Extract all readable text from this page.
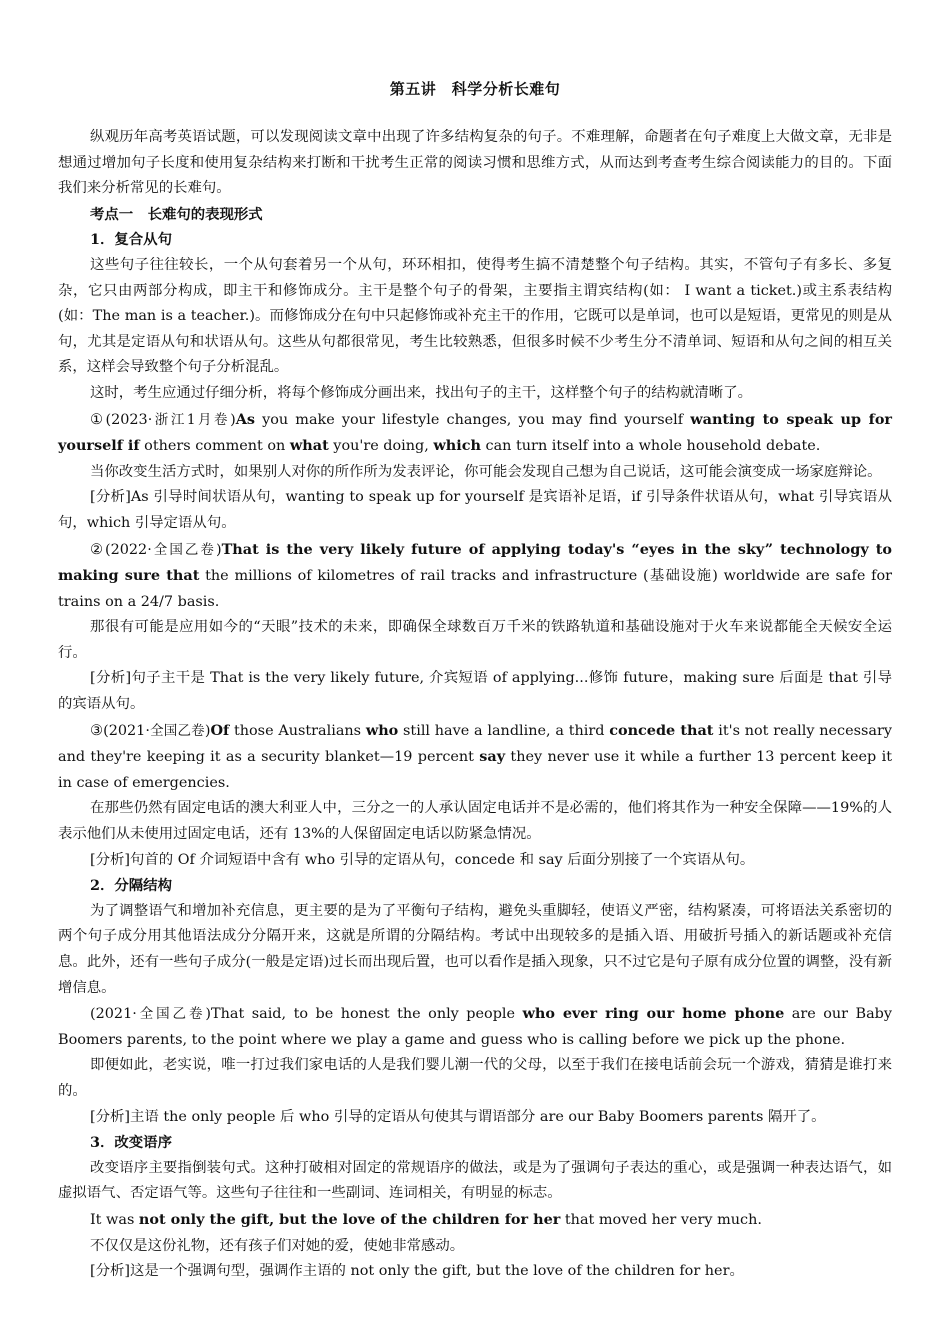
第五讲　科学分析长难句

纵观历年高考英语试题，可以发现阅读文章中出现了许多结构复杂的句子。不难理解，命题者在句子难度上大做文章，无非是想通过增加句子长度和使用复杂结构来打断和干扰考生正常的阅读习惯和思维方式，从而达到考查考生综合阅读能力的目的。下面我们来分析常见的长难句。

考点一　长难句的表现形式

1．复合从句

这些句子往往较长，一个从句套着另一个从句，环环相扣，使得考生搞不清楚整个句子结构。其实，不管句子有多长、多复杂，它只由两部分构成，即主干和修饰成分。主干是整个句子的骨架，主要指主谓宾结构(如： I want a ticket.)或主系表结构(如：The man is a teacher.)。而修饰成分在句中只起修饰或补充主干的作用，它既可以是单词，也可以是短语，更常见的则是从句，尤其是定语从句和状语从句。这些从句都很常见，考生比较熟悉，但很多时候不少考生分不清单词、短语和从句之间的相互关系，这样会导致整个句子分析混乱。

这时，考生应通过仔细分析，将每个修饰成分画出来，找出句子的主干，这样整个句子的结构就清晰了。

①(2023·浙江1月卷)As you make your lifestyle changes, you may find yourself wanting to speak up for yourself if others comment on what you're doing, which can turn itself into a whole household debate.

当你改变生活方式时，如果别人对你的所作所为发表评论，你可能会发现自己想为自己说话，这可能会演变成一场家庭辩论。

[分析]As 引导时间状语从句，wanting to speak up for yourself 是宾语补足语，if 引导条件状语从句，what 引导宾语从句，which 引导定语从句。

②(2022·全国乙卷)That is the very likely future of applying today's “eyes in the sky” technology to making sure that the millions of kilometres of rail tracks and infrastructure (基础设施) worldwide are safe for trains on a 24/7 basis.

那很有可能是应用如今的“天眼”技术的未来，即确保全球数百万千米的铁路轨道和基础设施对于火车来说都能全天候安全运行。

[分析]句子主干是 That is the very likely future, 介宾短语 of applying...修饰 future，making sure 后面是 that 引导的宾语从句。

③(2021·全国乙卷)Of those Australians who still have a landline, a third concede that it's not really necessary and they're keeping it as a security blanket—19 percent say they never use it while a further 13 percent keep it in case of emergencies.

在那些仍然有固定电话的澳大利亚人中，三分之一的人承认固定电话并不是必需的，他们将其作为一种安全保障——19%的人表示他们从未使用过固定电话，还有 13%的人保留固定电话以防紧急情况。

[分析]句首的 Of 介词短语中含有 who 引导的定语从句，concede 和 say 后面分别接了一个宾语从句。

2．分隔结构

为了调整语气和增加补充信息，更主要的是为了平衡句子结构，避免头重脚轻，使语义严密，结构紧凑，可将语法关系密切的两个句子成分用其他语法成分分隔开来，这就是所谓的分隔结构。考试中出现较多的是插入语、用破折号插入的新话题或补充信息。此外，还有一些句子成分(一般是定语)过长而出现后置，也可以看作是插入现象，只不过它是句子原有成分位置的调整，没有新增信息。

(2021·全国乙卷)That said, to be honest the only people who ever ring our home phone are our Baby Boomers parents, to the point where we play a game and guess who is calling before we pick up the phone.

即便如此，老实说，唯一打过我们家电话的人是我们婴儿潮一代的父母，以至于我们在接电话前会玩一个游戏，猜猜是谁打来的。

[分析]主语 the only people 后 who 引导的定语从句使其与谓语部分 are our Baby Boomers parents 隔开了。

3．改变语序

改变语序主要指倒装句式。这种打破相对固定的常规语序的做法，或是为了强调句子表达的重心，或是强调一种表达语气，如虚拟语气、否定语气等。这些句子往往和一些副词、连词相关，有明显的标志。

It was not only the gift, but the love of the children for her that moved her very much.

不仅仅是这份礼物，还有孩子们对她的爱，使她非常感动。

[分析]这是一个强调句型，强调作主语的 not only the gift, but the love of the children for her。
